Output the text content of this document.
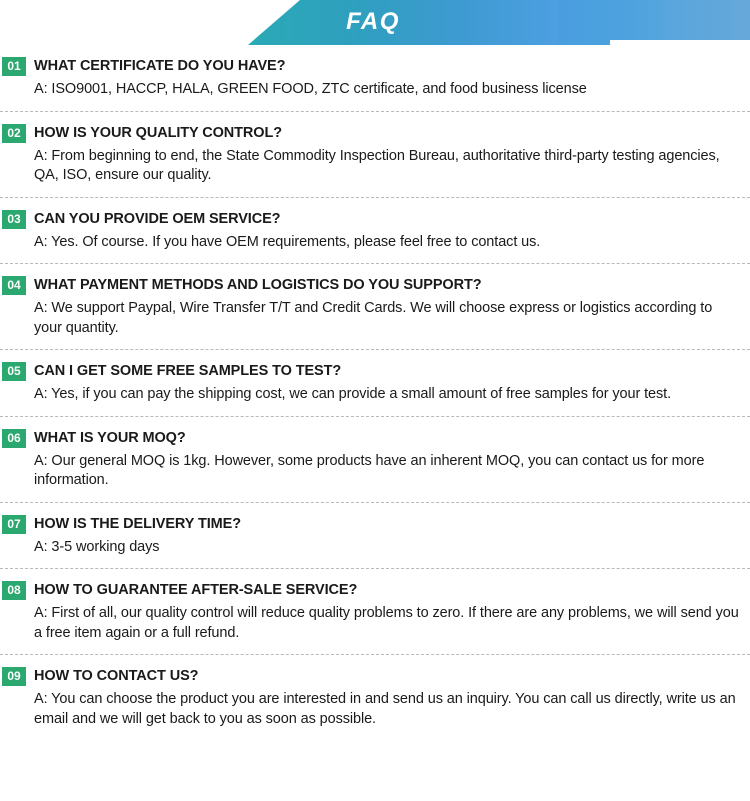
FAQ
01 WHAT CERTIFICATE DO YOU HAVE?

A: ISO9001, HACCP, HALA, GREEN FOOD, ZTC certificate, and food business license

02 HOW IS YOUR QUALITY CONTROL?

A: From beginning to end, the State Commodity Inspection Bureau, authoritative third-party testing agencies, QA, ISO, ensure our quality.

03 CAN YOU PROVIDE OEM SERVICE?

A: Yes. Of course. If you have OEM requirements, please feel free to contact us.

04 WHAT PAYMENT METHODS AND LOGISTICS DO YOU SUPPORT?

A: We support Paypal, Wire Transfer T/T and Credit Cards. We will choose express or logistics according to your quantity.

05 CAN I GET SOME FREE SAMPLES TO TEST?

A: Yes, if you can pay the shipping cost, we can provide a small amount of free samples for your test.

06 WHAT IS YOUR MOQ?

A: Our general MOQ is 1kg. However, some products have an inherent MOQ, you can contact us for more information.

07 HOW IS THE DELIVERY TIME?

A: 3-5 working days

08 HOW TO GUARANTEE AFTER-SALE SERVICE?

A: First of all, our quality control will reduce quality problems to zero. If there are any problems, we will send you a free item again or a full refund.

09 HOW TO CONTACT US?

A: You can choose the product you are interested in and send us an inquiry. You can call us directly, write us an email and we will get back to you as soon as possible.
